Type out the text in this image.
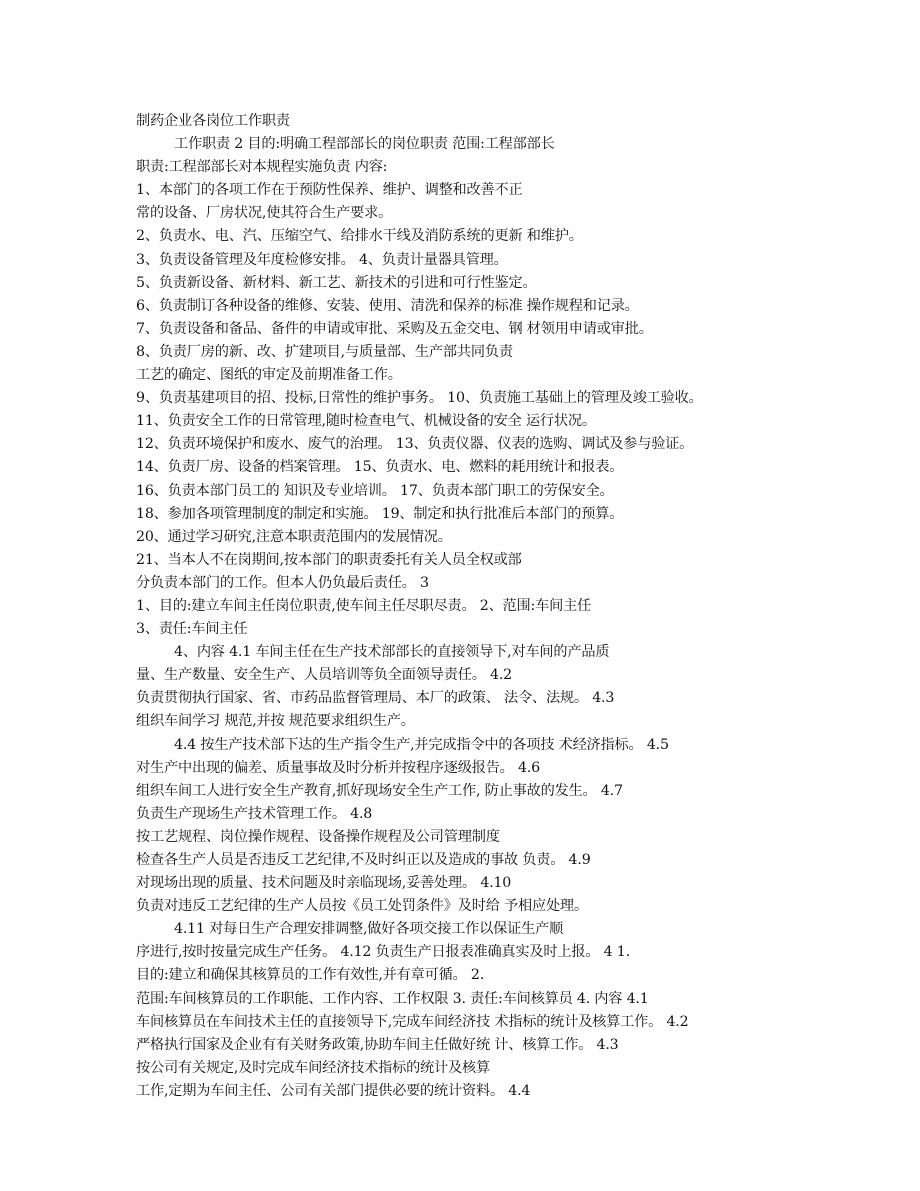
制药企业各岗位工作职责
工作职责 2 目的:明确工程部部长的岗位职责 范围:工程部部长
职责:工程部部长对本规程实施负责 内容:
1、本部门的各项工作在于预防性保养、维护、调整和改善不正
常的设备、厂房状况,使其符合生产要求。
2、负责水、电、汽、压缩空气、给排水干线及消防系统的更新 和维护。
3、负责设备管理及年度检修安排。 4、负责计量器具管理。
5、负责新设备、新材料、新工艺、新技术的引进和可行性鉴定。
6、负责制订各种设备的维修、安装、使用、清洗和保养的标准 操作规程和记录。
7、负责设备和备品、备件的申请或审批、采购及五金交电、钢 材领用申请或审批。
8、负责厂房的新、改、扩建项目,与质量部、生产部共同负责
工艺的确定、图纸的审定及前期准备工作。
9、负责基建项目的招、投标,日常性的维护事务。 10、负责施工基础上的管理及竣工验收。
11、负责安全工作的日常管理,随时检查电气、机械设备的安全 运行状况。
12、负责环境保护和废水、废气的治理。 13、负责仪器、仪表的选购、调试及参与验证。
14、负责厂房、设备的档案管理。 15、负责水、电、燃料的耗用统计和报表。
16、负责本部门员工的 知识及专业培训。 17、负责本部门职工的劳保安全。
18、参加各项管理制度的制定和实施。 19、制定和执行批准后本部门的预算。
20、通过学习研究,注意本职责范围内的发展情况。
21、当本人不在岗期间,按本部门的职责委托有关人员全权或部
分负责本部门的工作。但本人仍负最后责任。 3
1、目的:建立车间主任岗位职责,使车间主任尽职尽责。 2、范围:车间主任
3、责任:车间主任
4、内容 4.1 车间主任在生产技术部部长的直接领导下,对车间的产品质
量、生产数量、安全生产、人员培训等负全面领导责任。 4.2
负责贯彻执行国家、省、市药品监督管理局、本厂的政策、 法令、法规。 4.3
组织车间学习 规范,并按 规范要求组织生产。
4.4 按生产技术部下达的生产指令生产,并完成指令中的各项技 术经济指标。 4.5
对生产中出现的偏差、质量事故及时分析并按程序逐级报告。 4.6
组织车间工人进行安全生产教育,抓好现场安全生产工作, 防止事故的发生。 4.7
负责生产现场生产技术管理工作。 4.8
按工艺规程、岗位操作规程、设备操作规程及公司管理制度
检查各生产人员是否违反工艺纪律,不及时纠正以及造成的事故 负责。 4.9
对现场出现的质量、技术问题及时亲临现场,妥善处理。 4.10
负责对违反工艺纪律的生产人员按《员工处罚条件》及时给 予相应处理。
4.11 对每日生产合理安排调整,做好各项交接工作以保证生产顺
序进行,按时按量完成生产任务。 4.12 负责生产日报表准确真实及时上报。 4 1.
目的:建立和确保其核算员的工作有效性,并有章可循。 2.
范围:车间核算员的工作职能、工作内容、工作权限 3. 责任:车间核算员 4. 内容 4.1
车间核算员在车间技术主任的直接领导下,完成车间经济技 术指标的统计及核算工作。 4.2
严格执行国家及企业有有关财务政策,协助车间主任做好统 计、核算工作。 4.3
按公司有关规定,及时完成车间经济技术指标的统计及核算
工作,定期为车间主任、公司有关部门提供必要的统计资料。 4.4
